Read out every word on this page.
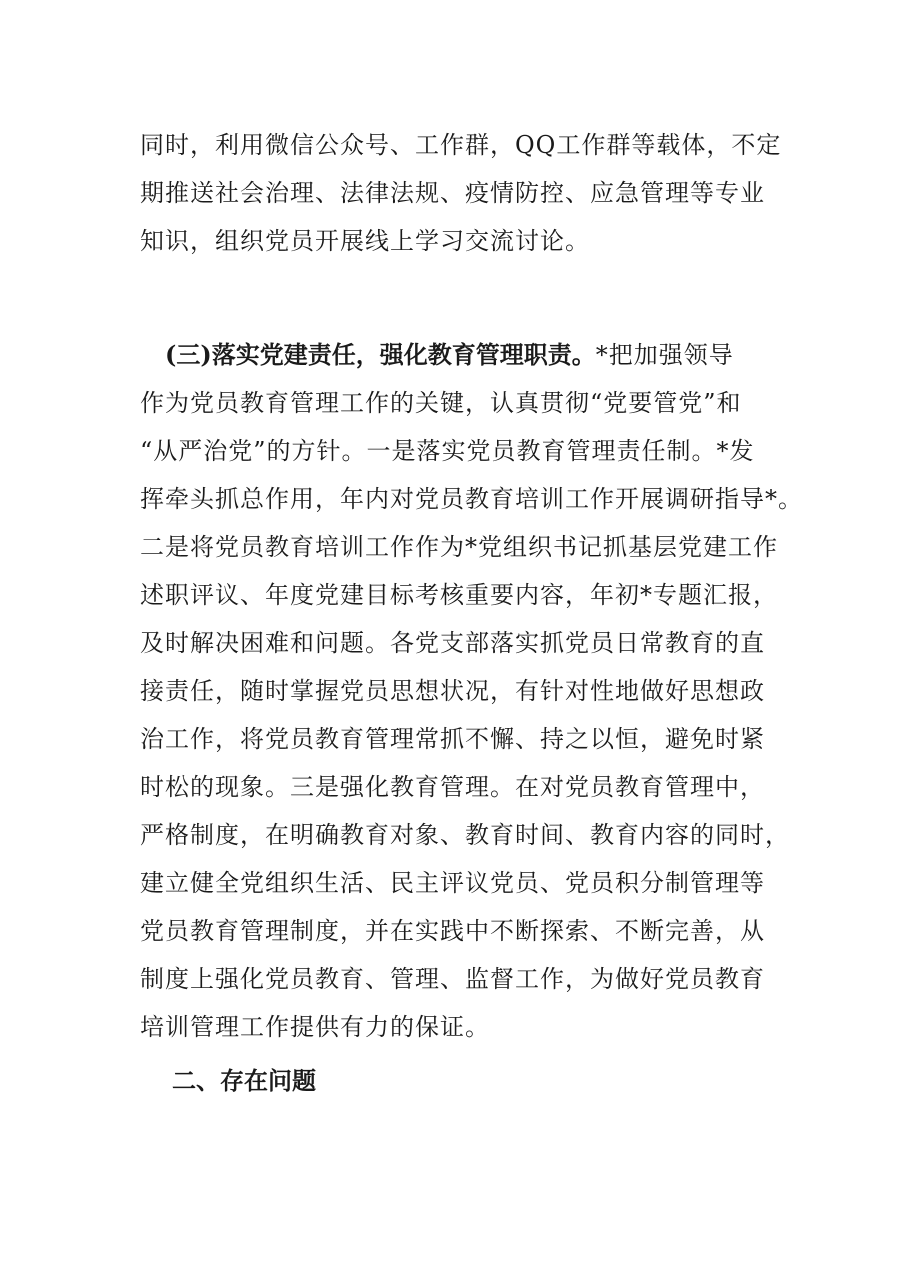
同时，利用微信公众号、工作群，QQ工作群等载体，不定
期推送社会治理、法律法规、疫情防控、应急管理等专业
知识，组织党员开展线上学习交流讨论。
(三)落实党建责任，强化教育管理职责。*把加强领导
作为党员教育管理工作的关键，认真贯彻“党要管党”和
“从严治党”的方针。一是落实党员教育管理责任制。*发
挥牵头抓总作用，年内对党员教育培训工作开展调研指导*。
二是将党员教育培训工作作为*党组织书记抓基层党建工作
述职评议、年度党建目标考核重要内容，年初*专题汇报，
及时解决困难和问题。各党支部落实抓党员日常教育的直
接责任，随时掌握党员思想状况，有针对性地做好思想政
治工作，将党员教育管理常抓不懈、持之以恒，避免时紧
时松的现象。三是强化教育管理。在对党员教育管理中，
严格制度，在明确教育对象、教育时间、教育内容的同时，
建立健全党组织生活、民主评议党员、党员积分制管理等
党员教育管理制度，并在实践中不断探索、不断完善，从
制度上强化党员教育、管理、监督工作，为做好党员教育
培训管理工作提供有力的保证。
二、存在问题
